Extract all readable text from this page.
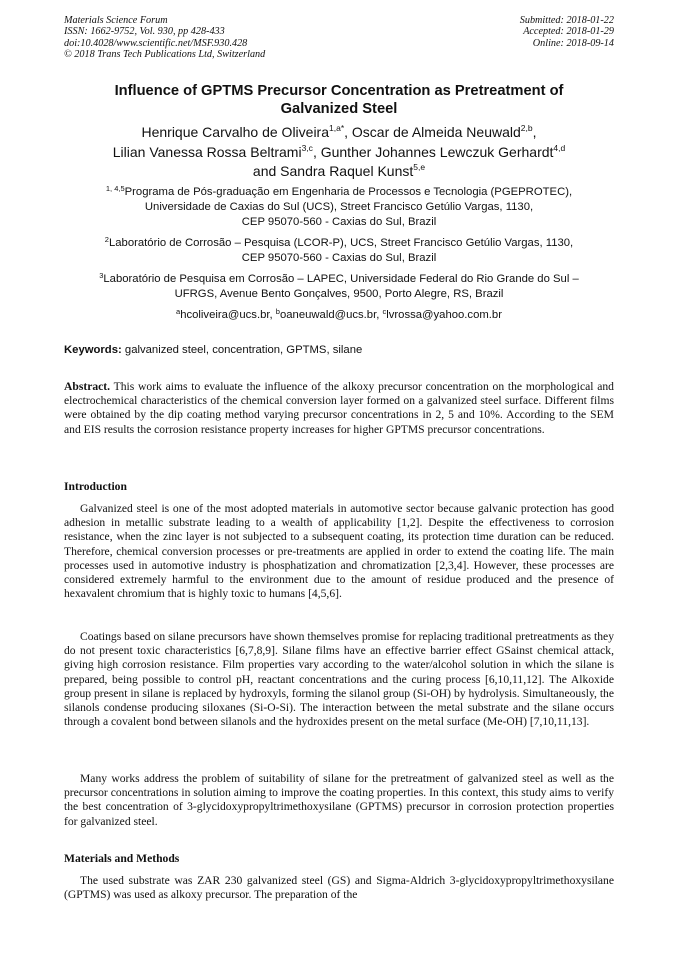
Materials Science Forum
ISSN: 1662-9752, Vol. 930, pp 428-433
doi:10.4028/www.scientific.net/MSF.930.428
© 2018 Trans Tech Publications Ltd, Switzerland
Submitted: 2018-01-22
Accepted: 2018-01-29
Online: 2018-09-14
Influence of GPTMS Precursor Concentration as Pretreatment of
Galvanized Steel
Henrique Carvalho de Oliveira$^{1,a*}$, Oscar de Almeida Neuwald$^{2,b}$,
Lilian Vanessa Rossa Beltrami$^{3,c}$, Gunther Johannes Lewczuk Gerhardt$^{4,d}$
and Sandra Raquel Kunst$^{5,e}$
$^{1, 4,5}$Programa de Pós-graduação em Engenharia de Processos e Tecnologia (PGEPROTEC),
Universidade de Caxias do Sul (UCS), Street Francisco Getúlio Vargas, 1130,
CEP 95070-560 - Caxias do Sul, Brazil
$^2$Laboratório de Corrosão – Pesquisa (LCOR-P), UCS, Street Francisco Getúlio Vargas, 1130,
CEP 95070-560 - Caxias do Sul, Brazil
$^3$Laboratório de Pesquisa em Corrosão – LAPEC, Universidade Federal do Rio Grande do Sul –
UFRGS, Avenue Bento Gonçalves, 9500, Porto Alegre, RS, Brazil
$^a$hcoliveira@ucs.br, $^b$oaneuwald@ucs.br, $^c$lvrossa@yahoo.com.br
Keywords: galvanized steel, concentration, GPTMS, silane
Abstract. This work aims to evaluate the influence of the alkoxy precursor concentration on the morphological and electrochemical characteristics of the chemical conversion layer formed on a galvanized steel surface. Different films were obtained by the dip coating method varying precursor concentrations in 2, 5 and 10%. According to the SEM and EIS results the corrosion resistance property increases for higher GPTMS precursor concentrations.
Introduction
Galvanized steel is one of the most adopted materials in automotive sector because galvanic protection has good adhesion in metallic substrate leading to a wealth of applicability [1,2]. Despite the effectiveness to corrosion resistance, when the zinc layer is not subjected to a subsequent coating, its protection time duration can be reduced. Therefore, chemical conversion processes or pre-treatments are applied in order to extend the coating life. The main processes used in automotive industry is phosphatization and chromatization [2,3,4]. However, these processes are considered extremely harmful to the environment due to the amount of residue produced and the presence of hexavalent chromium that is highly toxic to humans [4,5,6].
Coatings based on silane precursors have shown themselves promise for replacing traditional pretreatments as they do not present toxic characteristics [6,7,8,9]. Silane films have an effective barrier effect GSainst chemical attack, giving high corrosion resistance. Film properties vary according to the water/alcohol solution in which the silane is prepared, being possible to control pH, reactant concentrations and the curing process [6,10,11,12]. The Alkoxide group present in silane is replaced by hydroxyls, forming the silanol group (Si-OH) by hydrolysis. Simultaneously, the silanols condense producing siloxanes (Si-O-Si). The interaction between the metal substrate and the silane occurs through a covalent bond between silanols and the hydroxides present on the metal surface (Me-OH) [7,10,11,13].
Many works address the problem of suitability of silane for the pretreatment of galvanized steel as well as the precursor concentrations in solution aiming to improve the coating properties. In this context, this study aims to verify the best concentration of 3-glycidoxypropyltrimethoxysilane (GPTMS) precursor in corrosion protection properties for galvanized steel.
Materials and Methods
The used substrate was ZAR 230 galvanized steel (GS) and Sigma-Aldrich 3-glycidoxypropyltrimethoxysilane (GPTMS) was used as alkoxy precursor. The preparation of the
